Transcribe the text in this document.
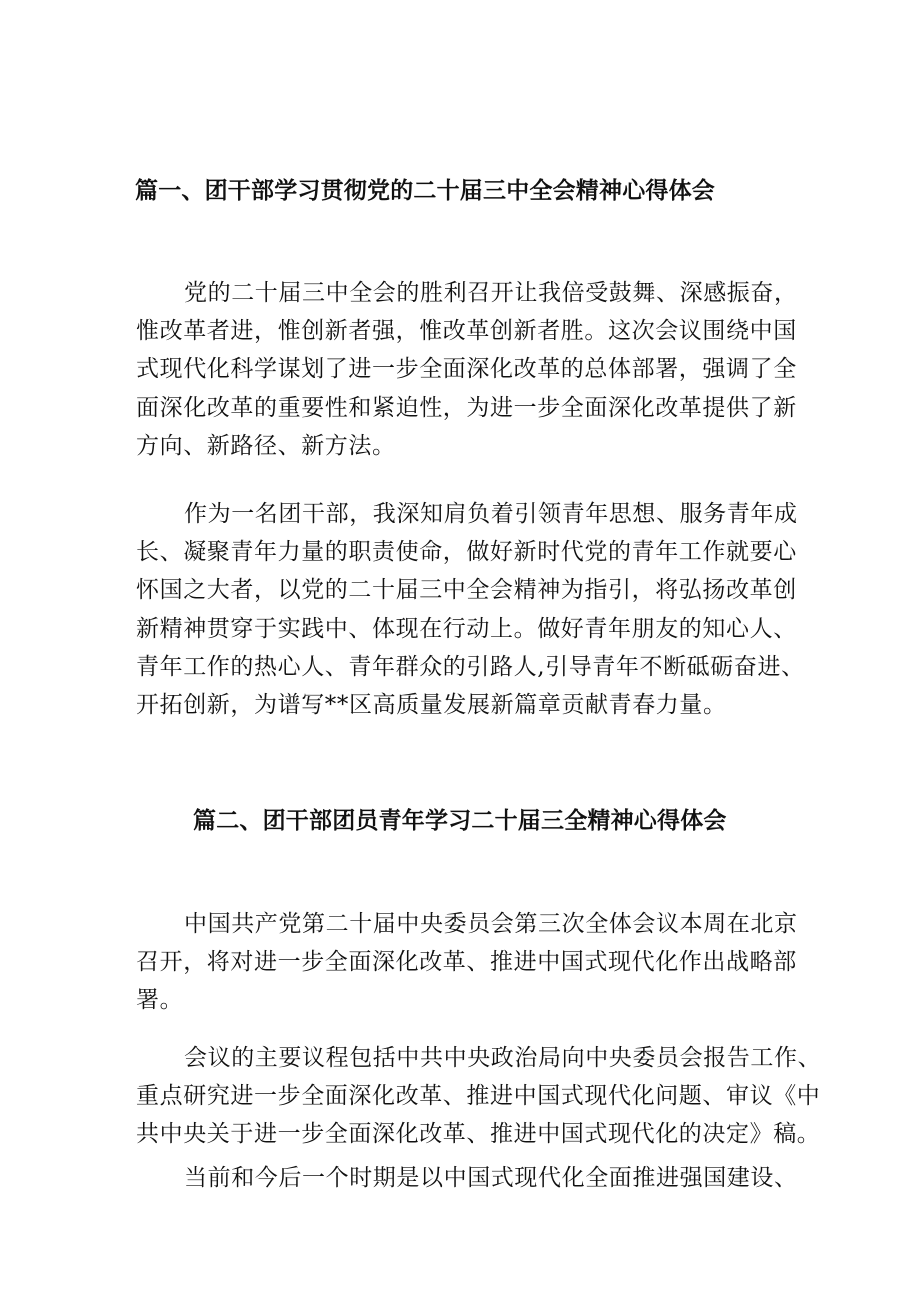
篇一、团干部学习贯彻党的二十届三中全会精神心得体会
党的二十届三中全会的胜利召开让我倍受鼓舞、深感振奋，
惟改革者进，惟创新者强，惟改革创新者胜。这次会议围绕中国
式现代化科学谋划了进一步全面深化改革的总体部署，强调了全
面深化改革的重要性和紧迫性，为进一步全面深化改革提供了新
方向、新路径、新方法。
作为一名团干部，我深知肩负着引领青年思想、服务青年成
长、凝聚青年力量的职责使命，做好新时代党的青年工作就要心
怀国之大者，以党的二十届三中全会精神为指引，将弘扬改革创
新精神贯穿于实践中、体现在行动上。做好青年朋友的知心人、
青年工作的热心人、青年群众的引路人,引导青年不断砥砺奋进、
开拓创新，为谱写**区高质量发展新篇章贡献青春力量。
篇二、团干部团员青年学习二十届三全精神心得体会
中国共产党第二十届中央委员会第三次全体会议本周在北京
召开，将对进一步全面深化改革、推进中国式现代化作出战略部
署。
会议的主要议程包括中共中央政治局向中央委员会报告工作、
重点研究进一步全面深化改革、推进中国式现代化问题、审议《中
共中央关于进一步全面深化改革、推进中国式现代化的决定》稿。
当前和今后一个时期是以中国式现代化全面推进强国建设、
